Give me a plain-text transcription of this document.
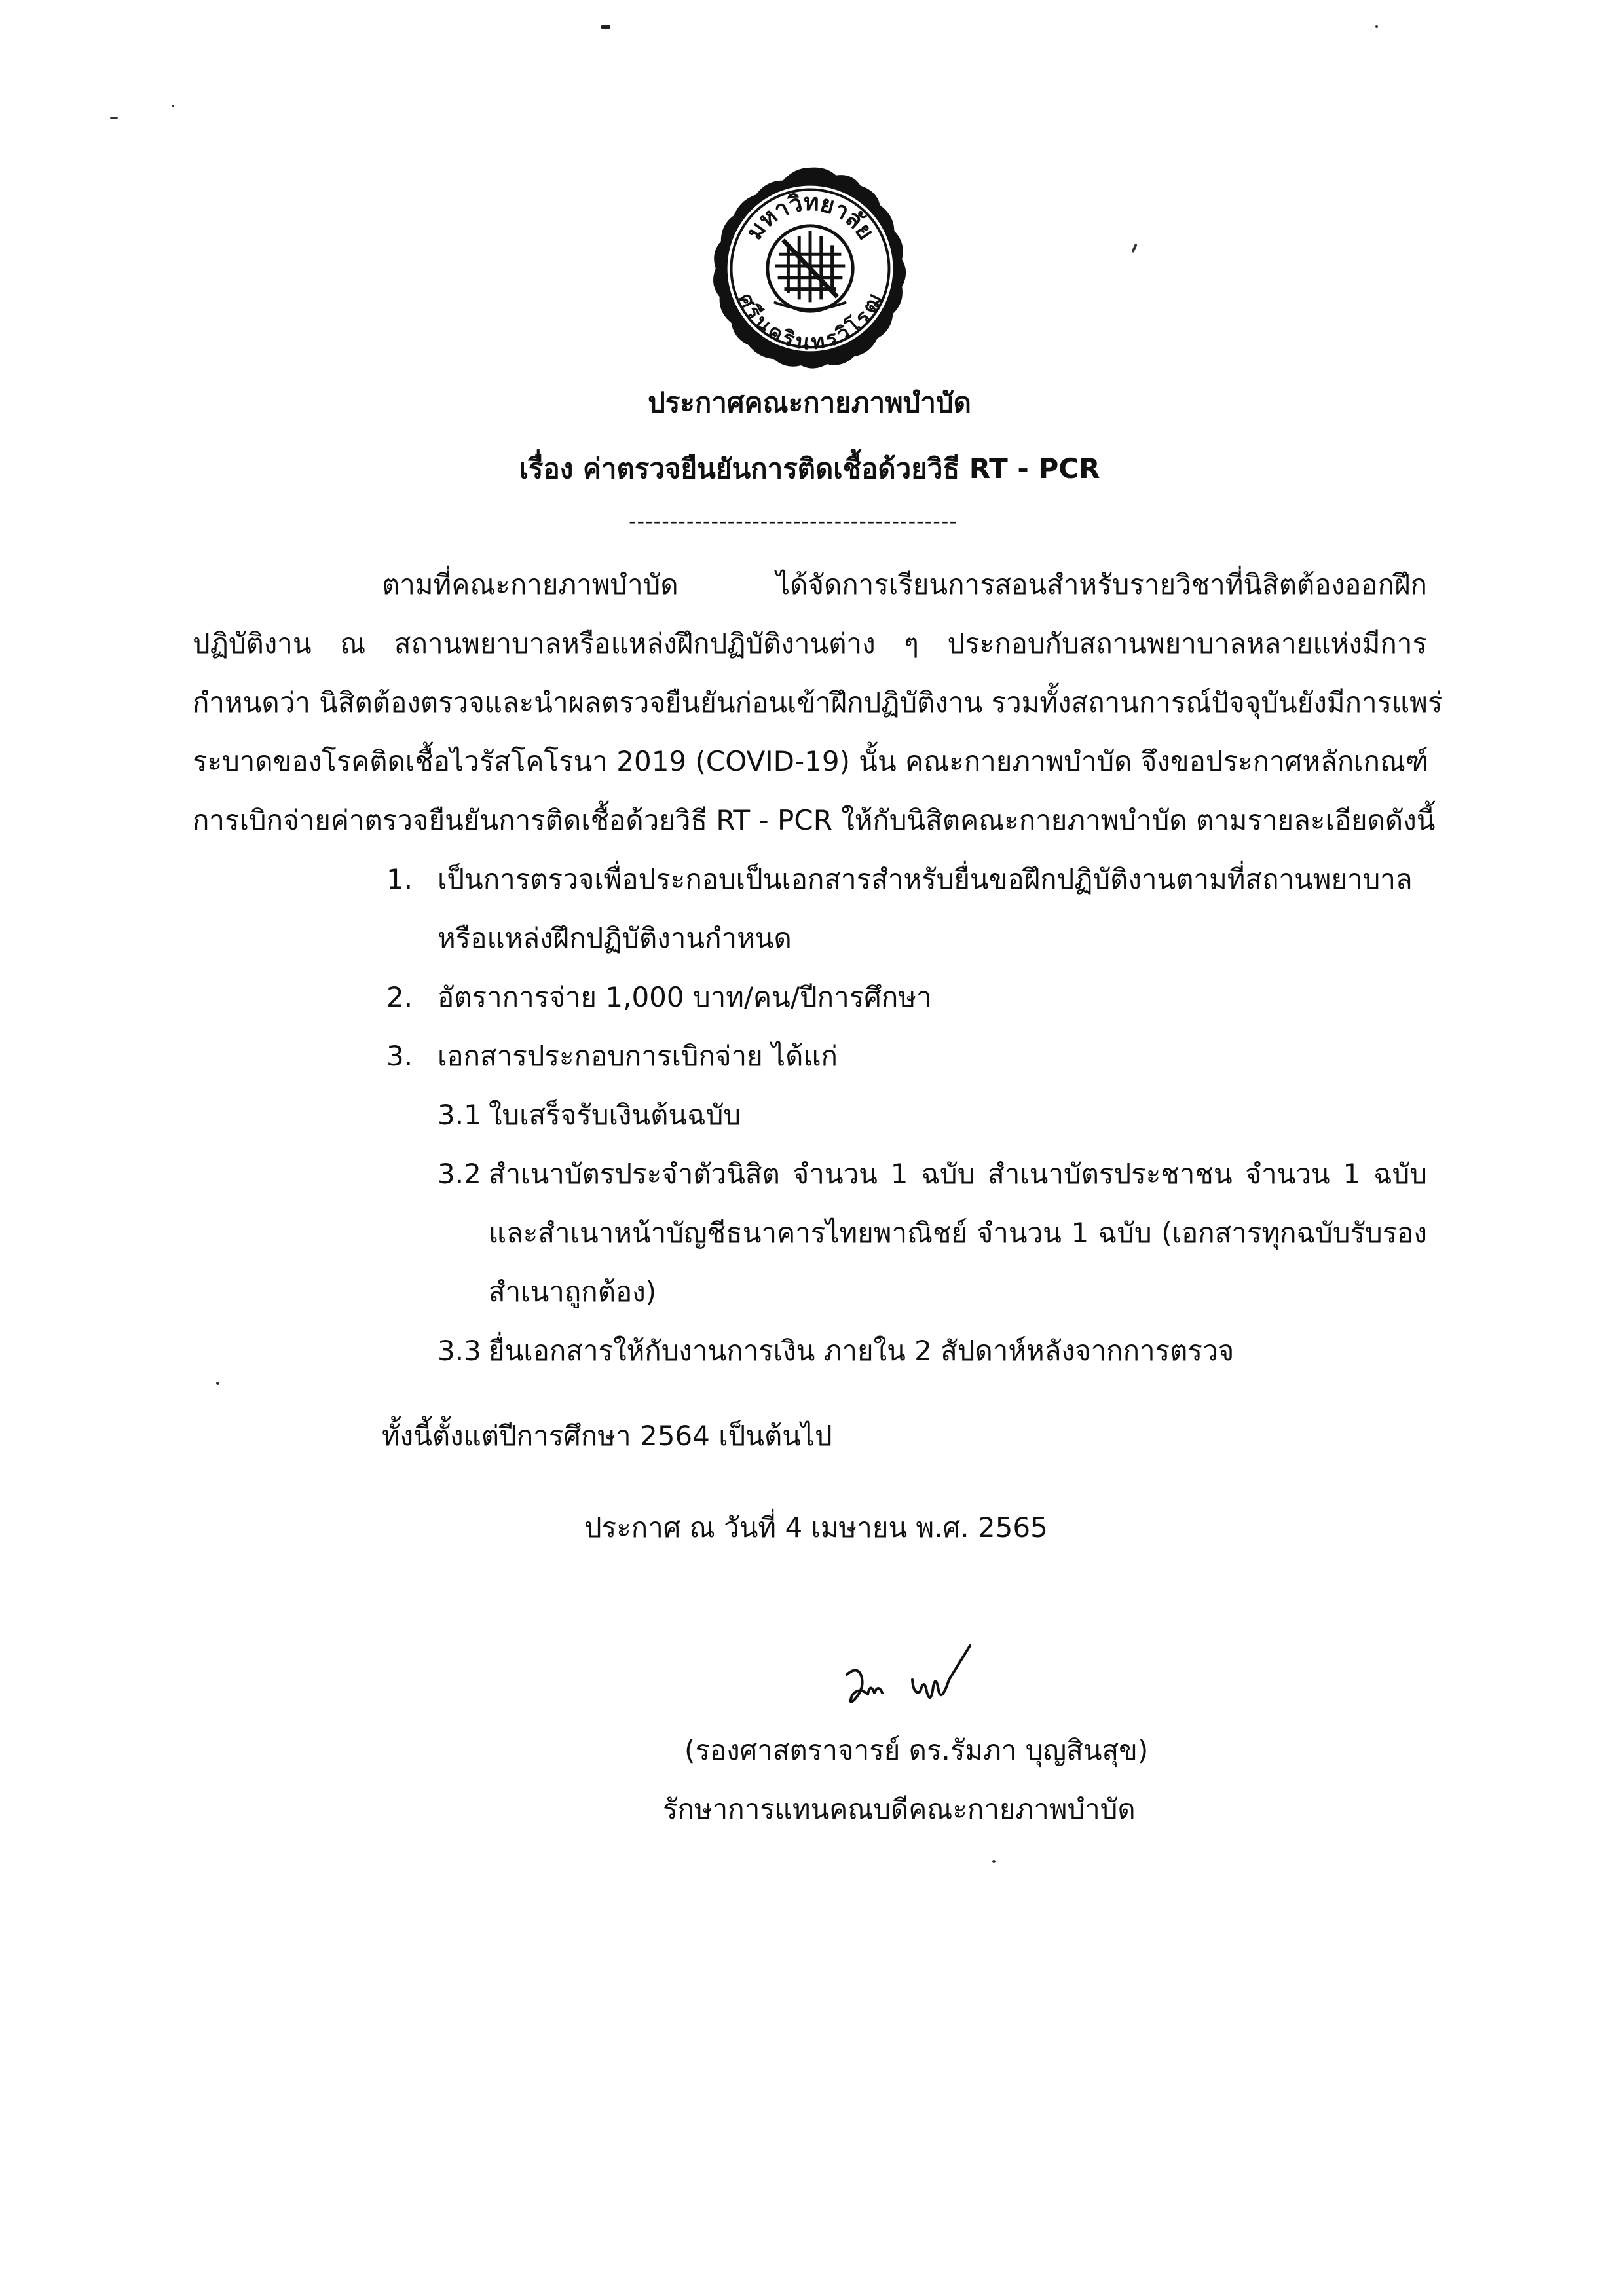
มหาวิทยาลัย
ศรีนครินทรวิโรฒ
ประกาศคณะกายภาพบำบัด
เรื่อง ค่าตรวจยืนยันการติดเชื้อด้วยวิธี RT - PCR
----------------------------------------
ตามที่คณะกายภาพบำบัด ได้จัดการเรียนการสอนสำหรับรายวิชาที่นิสิตต้องออกฝึก
ปฏิบัติงาน ณ สถานพยาบาลหรือแหล่งฝึกปฏิบัติงานต่าง ๆ ประกอบกับสถานพยาบาลหลายแห่งมีการ
กำหนดว่า นิสิตต้องตรวจและนำผลตรวจยืนยันก่อนเข้าฝึกปฏิบัติงาน รวมทั้งสถานการณ์ปัจจุบันยังมีการแพร่
ระบาดของโรคติดเชื้อไวรัสโคโรนา 2019 (COVID-19) นั้น คณะกายภาพบำบัด จึงขอประกาศหลักเกณฑ์
การเบิกจ่ายค่าตรวจยืนยันการติดเชื้อด้วยวิธี RT - PCR ให้กับนิสิตคณะกายภาพบำบัด ตามรายละเอียดดังนี้
1. เป็นการตรวจเพื่อประกอบเป็นเอกสารสำหรับยื่นขอฝึกปฏิบัติงานตามที่สถานพยาบาล
หรือแหล่งฝึกปฏิบัติงานกำหนด
2. อัตราการจ่าย 1,000 บาท/คน/ปีการศึกษา
3. เอกสารประกอบการเบิกจ่าย ได้แก่
3.1 ใบเสร็จรับเงินต้นฉบับ
3.2 สำเนาบัตรประจำตัวนิสิต จำนวน 1 ฉบับ สำเนาบัตรประชาชน จำนวน 1 ฉบับ
และสำเนาหน้าบัญชีธนาคารไทยพาณิชย์ จำนวน 1 ฉบับ (เอกสารทุกฉบับรับรอง
สำเนาถูกต้อง)
3.3 ยื่นเอกสารให้กับงานการเงิน ภายใน 2 สัปดาห์หลังจากการตรวจ
ทั้งนี้ตั้งแต่ปีการศึกษา 2564 เป็นต้นไป
ประกาศ ณ วันที่ 4 เมษายน พ.ศ. 2565
(รองศาสตราจารย์ ดร.รัมภา บุญสินสุข)
รักษาการแทนคณบดีคณะกายภาพบำบัด
